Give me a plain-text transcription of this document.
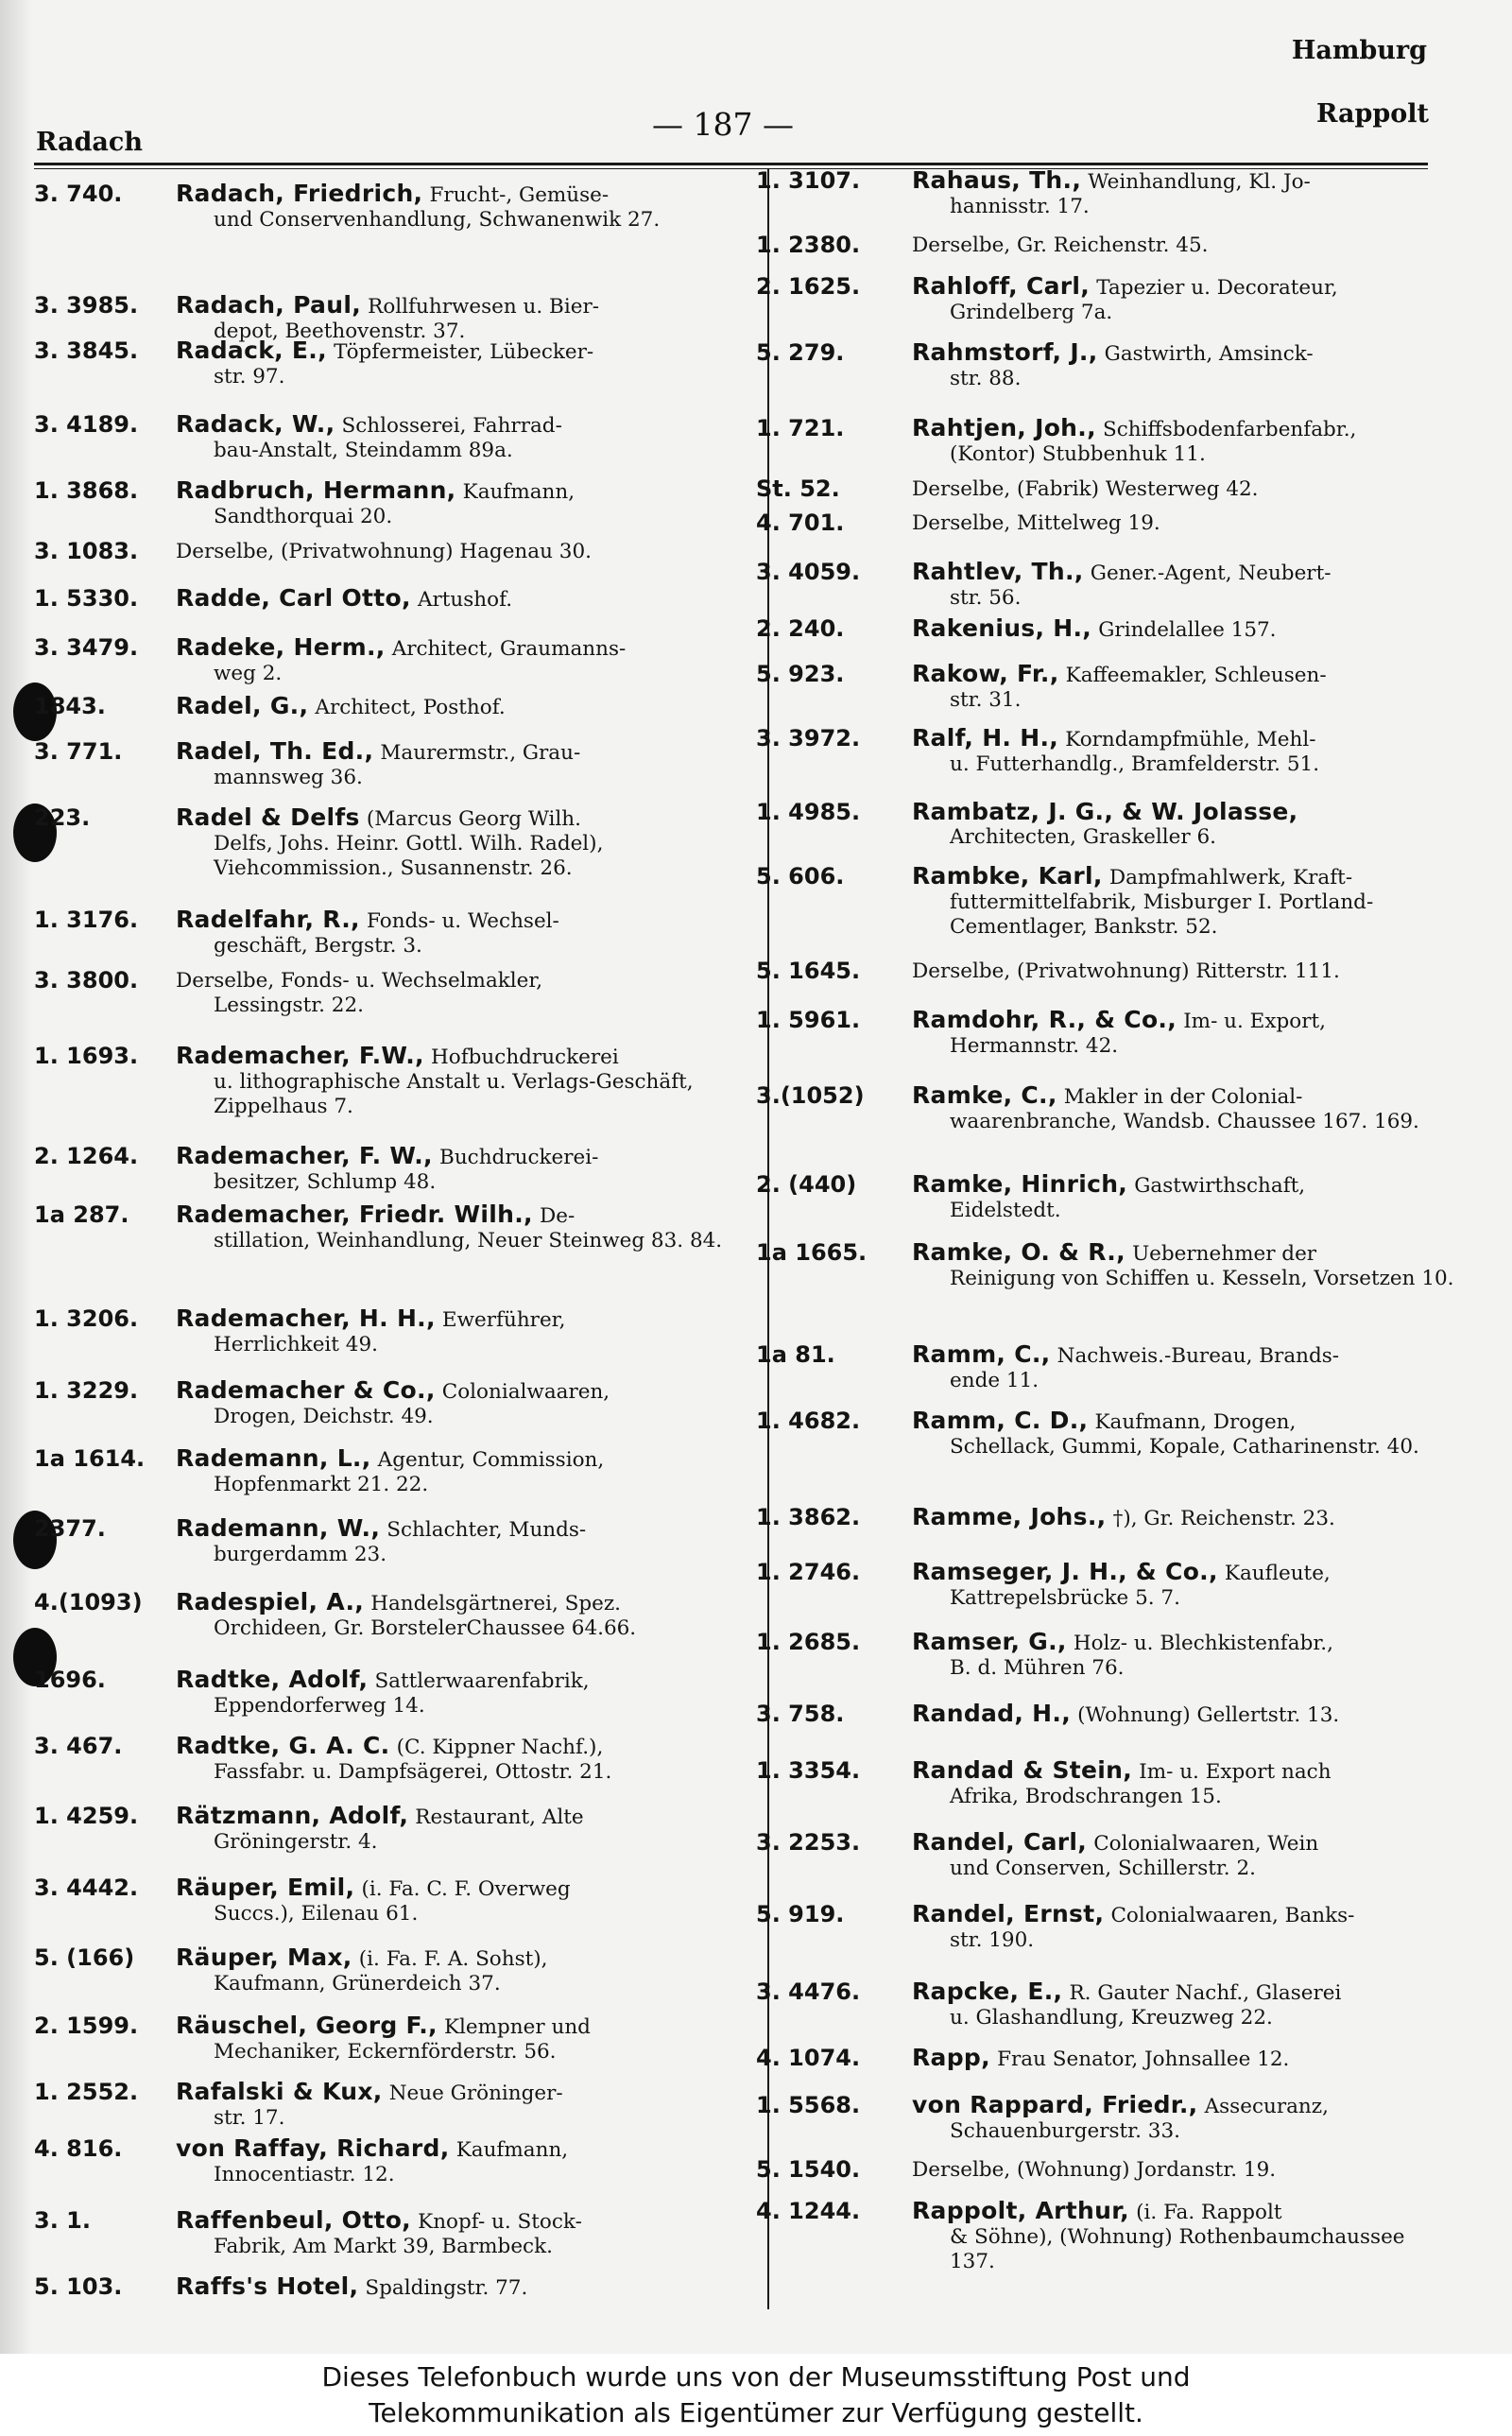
Hamburg
— 187 —	Rappolt
Radach
3. 740.	Radach, Friedrich, Frucht-, Gemüse-
und Conservenhandlung, Schwanenwik 27.
3. 3985.	Radach, Paul, Rollfuhrwesen u. Bier-
depot, Beethovenstr. 37.
3. 3845.	Radack, E., Töpfermeister, Lübecker-
str. 97.
3. 4189.	Radack, W., Schlosserei, Fahrrad-
bau-Anstalt, Steindamm 89a.
1. 3868.	Radbruch, Hermann, Kaufmann,
Sandthorquai 20.
3. 1083.	Derselbe, (Privatwohnung) Hagenau 30.
1. 5330.	Radde, Carl Otto, Artushof.
3. 3479.	Radeke, Herm., Architect, Graumanns-
weg 2.
1843.	Radel, G., Architect, Posthof.
3. 771.	Radel, Th. Ed., Maurermstr., Grau-
mannsweg 36.
223.	Radel & Delfs (Marcus Georg Wilh.
Delfs, Johs. Heinr. Gottl. Wilh. Radel), Viehcommission., Susannenstr. 26.
1. 3176.	Radelfahr, R., Fonds- u. Wechsel-
geschäft, Bergstr. 3.
3. 3800.	Derselbe, Fonds- u. Wechselmakler,
Lessingstr. 22.
1. 1693.	Rademacher, F.W., Hofbuchdruckerei
u. lithographische Anstalt u. Verlags-Geschäft, Zippelhaus 7.
2. 1264.	Rademacher, F. W., Buchdruckerei-
besitzer, Schlump 48.
1a 287.	Rademacher, Friedr. Wilh., De-
stillation, Weinhandlung, Neuer Steinweg 83. 84.
1. 3206.	Rademacher, H. H., Ewerführer,
Herrlichkeit 49.
1. 3229.	Rademacher & Co., Colonialwaaren,
Drogen, Deichstr. 49.
1a 1614.	Rademann, L., Agentur, Commission,
Hopfenmarkt 21. 22.
2377.	Rademann, W., Schlachter, Munds-
burgerdamm 23.
4.(1093)	Radespiel, A., Handelsgärtnerei, Spez.
Orchideen, Gr. BorstelerChaussee 64.66.
1696.	Radtke, Adolf, Sattlerwaarenfabrik,
Eppendorferweg 14.
3. 467.	Radtke, G. A. C. (C. Kippner Nachf.),
Fassfabr. u. Dampfsägerei, Ottostr. 21.
1. 4259.	Rätzmann, Adolf, Restaurant, Alte
Gröningerstr. 4.
3. 4442.	Räuper, Emil, (i. Fa. C. F. Overweg
Succs.), Eilenau 61.
5. (166)	Räuper, Max, (i. Fa. F. A. Sohst),
Kaufmann, Grünerdeich 37.
2. 1599.	Räuschel, Georg F., Klempner und
Mechaniker, Eckernförderstr. 56.
1. 2552.	Rafalski & Kux, Neue Gröninger-
str. 17.
4. 816.	von Raffay, Richard, Kaufmann,
Innocentiastr. 12.
3. 1.	Raffenbeul, Otto, Knopf- u. Stock-
Fabrik, Am Markt 39, Barmbeck.
5. 103.	Raffs's Hotel, Spaldingstr. 77.
1. 3107.	Rahaus, Th., Weinhandlung, Kl. Jo-
hannisstr. 17.
1. 2380.	Derselbe, Gr. Reichenstr. 45.
2. 1625.	Rahloff, Carl, Tapezier u. Decorateur,
Grindelberg 7a.
5. 279.	Rahmstorf, J., Gastwirth, Amsinck-
str. 88.
1. 721.	Rahtjen, Joh., Schiffsbodenfarbenfabr.,
(Kontor) Stubbenhuk 11.
St. 52.	Derselbe, (Fabrik) Westerweg 42.
4. 701.	Derselbe, Mittelweg 19.
3. 4059.	Rahtlev, Th., Gener.-Agent, Neubert-
str. 56.
2. 240.	Rakenius, H., Grindelallee 157.
5. 923.	Rakow, Fr., Kaffeemakler, Schleusen-
str. 31.
3. 3972.	Ralf, H. H., Korndampfmühle, Mehl-
u. Futterhandlg., Bramfelderstr. 51.
1. 4985.	Rambatz, J. G., & W. Jolasse,
Architecten, Graskeller 6.
5. 606.	Rambke, Karl, Dampfmahlwerk, Kraft-
futtermittelfabrik, Misburger I. Portland-Cementlager, Bankstr. 52.
5. 1645.	Derselbe, (Privatwohnung) Ritterstr. 111.
1. 5961.	Ramdohr, R., & Co., Im- u. Export,
Hermannstr. 42.
3.(1052)	Ramke, C., Makler in der Colonial-
waarenbranche, Wandsb. Chaussee 167. 169.
2. (440)	Ramke, Hinrich, Gastwirthschaft,
Eidelstedt.
1a 1665.	Ramke, O. & R., Uebernehmer der
Reinigung von Schiffen u. Kesseln, Vorsetzen 10.
1a 81.	Ramm, C., Nachweis.-Bureau, Brands-
ende 11.
1. 4682.	Ramm, C. D., Kaufmann, Drogen,
Schellack, Gummi, Kopale, Catharinenstr. 40.
1. 3862.	Ramme, Johs., †), Gr. Reichenstr. 23.
1. 2746.	Ramseger, J. H., & Co., Kaufleute,
Kattrepelsbrücke 5. 7.
1. 2685.	Ramser, G., Holz- u. Blechkistenfabr.,
B. d. Mühren 76.
3. 758.	Randad, H., (Wohnung) Gellertstr. 13.
1. 3354.	Randad & Stein, Im- u. Export nach
Afrika, Brodschrangen 15.
3. 2253.	Randel, Carl, Colonialwaaren, Wein
und Conserven, Schillerstr. 2.
5. 919.	Randel, Ernst, Colonialwaaren, Banks-
str. 190.
3. 4476.	Rapcke, E., R. Gauter Nachf., Glaserei
u. Glashandlung, Kreuzweg 22.
4. 1074.	Rapp, Frau Senator, Johnsallee 12.
1. 5568.	von Rappard, Friedr., Assecuranz,
Schauenburgerstr. 33.
5. 1540.	Derselbe, (Wohnung) Jordanstr. 19.
4. 1244.	Rappolt, Arthur, (i. Fa. Rappolt
& Söhne), (Wohnung) Rothenbaumchaussee 137.
Dieses Telefonbuch wurde uns von der Museumsstiftung Post und
Telekommunikation als Eigentümer zur Verfügung gestellt.
